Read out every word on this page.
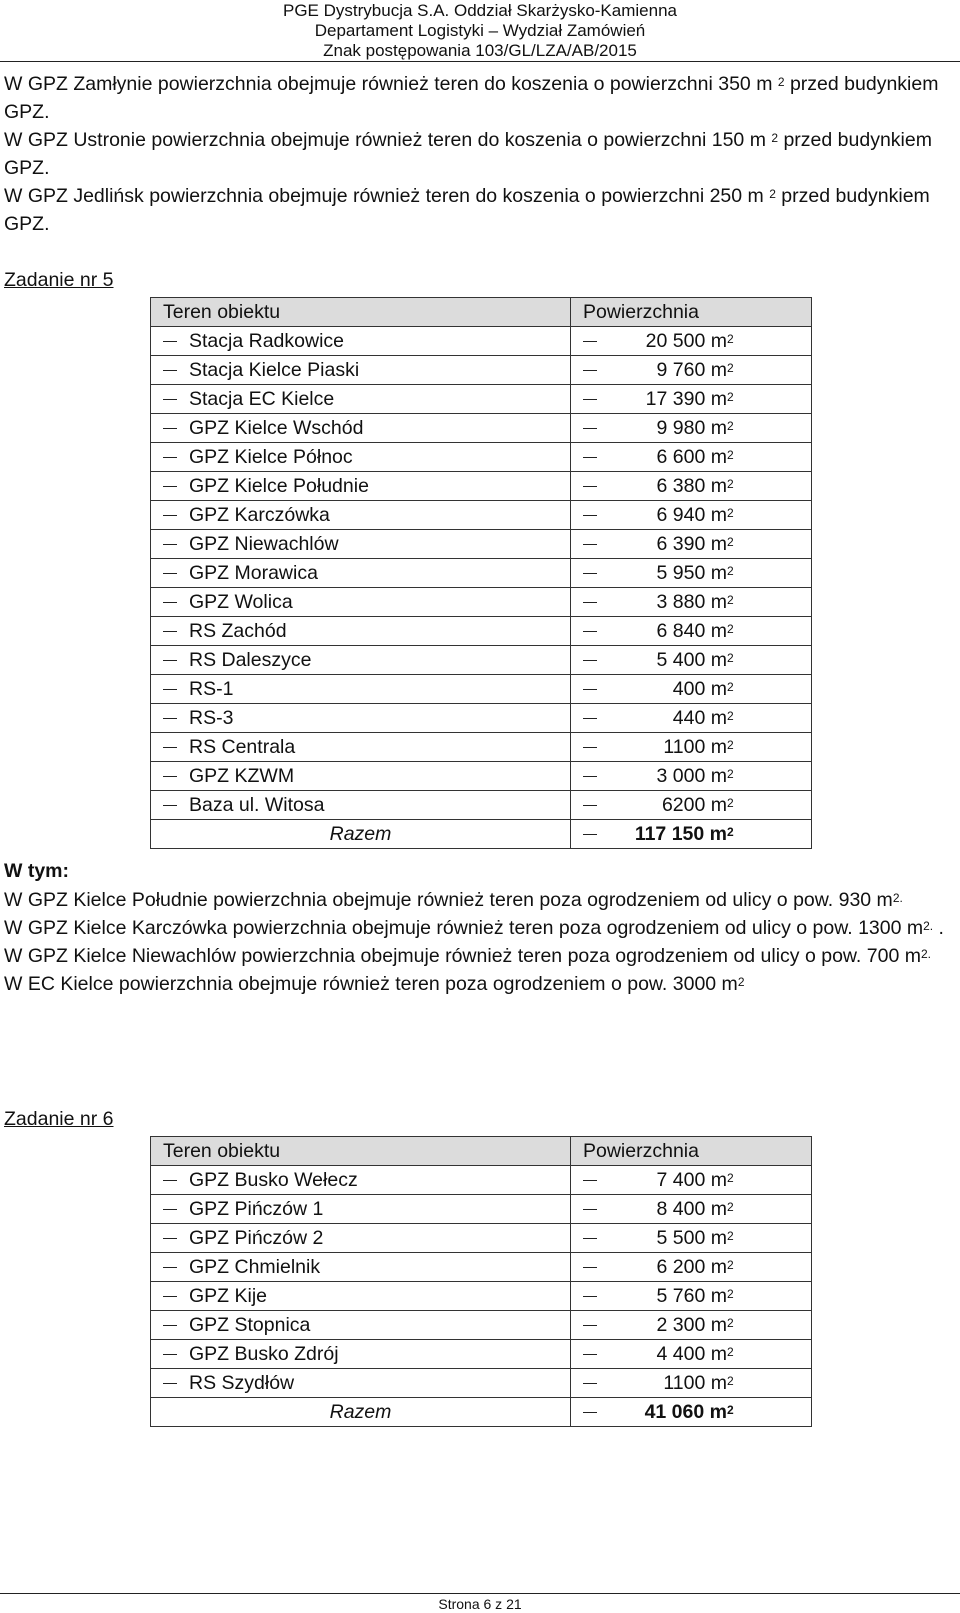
PGE Dystrybucja S.A. Oddział Skarżysko-Kamienna
Departament Logistyki – Wydział Zamówień
Znak postępowania 103/GL/LZA/AB/2015

W GPZ Zamłynie powierzchnia obejmuje również teren do koszenia o powierzchni 350 m $^2$ przed budynkiem GPZ.

W GPZ Ustronie powierzchnia obejmuje również teren do koszenia o powierzchni 150 m $^2$ przed budynkiem GPZ.

W GPZ Jedlińsk powierzchnia obejmuje również teren do koszenia o powierzchni 250 m $^2$ przed budynkiem GPZ.

Zadanie nr 5
Teren obiektu	Powierzchnia
Stacja Radkowice	20 500 $m^2$
Stacja Kielce Piaski	9 760 $m^2$
Stacja EC Kielce	17 390 $m^2$
GPZ Kielce Wschód	9 980 $m^2$
GPZ Kielce Północ	6 600 $m^2$
GPZ Kielce Południe	6 380 $m^2$
GPZ Karczówka	6 940 $m^2$
GPZ Niewachlów	6 390 $m^2$
GPZ Morawica	5 950 $m^2$
GPZ Wolica	3 880 $m^2$
RS Zachód	6 840 $m^2$
RS Daleszyce	5 400 $m^2$
RS-1	400 $m^2$
RS-3	440 $m^2$
RS Centrala	1100 $m^2$
GPZ KZWM	3 000 $m^2$
Baza ul. Witosa	6200 $m^2$
Razem	117 150 $m^2$
W tym:

W GPZ Kielce Południe powierzchnia obejmuje również teren poza ogrodzeniem od ulicy o pow. 930 $m^{2.}$

W GPZ Kielce Karczówka powierzchnia obejmuje również teren poza ogrodzeniem od ulicy o pow. 1300 $m^{2.}$ .

W GPZ Kielce Niewachlów powierzchnia obejmuje również teren poza ogrodzeniem od ulicy o pow. 700 $m^{2.}$

W EC Kielce powierzchnia obejmuje również teren poza ogrodzeniem o pow. 3000 $m^2$

Zadanie nr 6
Teren obiektu	Powierzchnia
GPZ Busko Wełecz	7 400 $m^2$
GPZ Pińczów 1	8 400 $m^2$
GPZ Pińczów 2	5 500 $m^2$
GPZ Chmielnik	6 200 $m^2$
GPZ Kije	5 760 $m^2$
GPZ Stopnica	2 300 $m^2$
GPZ Busko Zdrój	4 400 $m^2$
RS Szydłów	1100 $m^2$
Razem	41 060 $m^2$
Strona 6 z 21
